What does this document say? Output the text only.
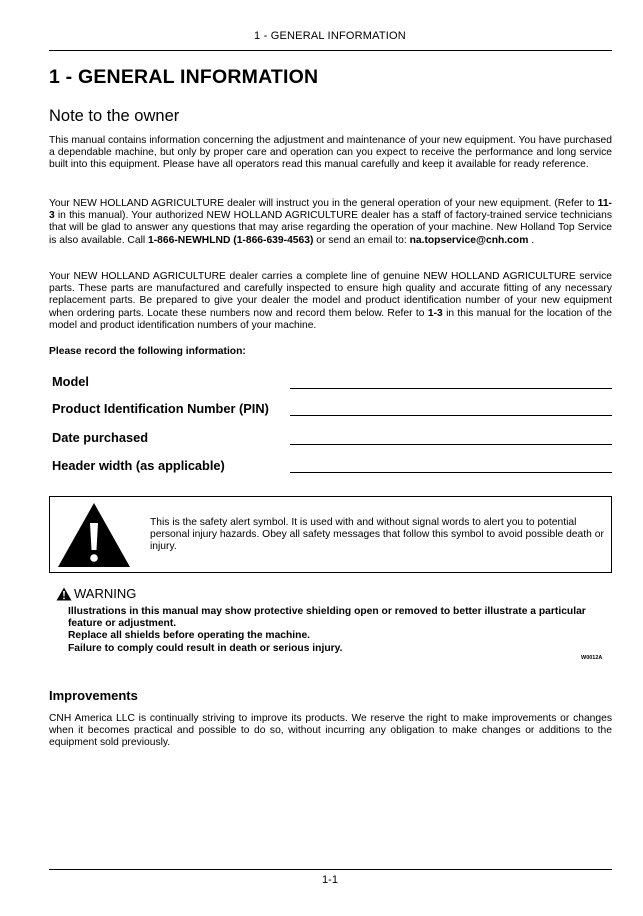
1 - GENERAL INFORMATION
1 - GENERAL INFORMATION
Note to the owner

This manual contains information concerning the adjustment and maintenance of your new equipment. You have purchased a dependable machine, but only by proper care and operation can you expect to receive the performance and long service built into this equipment. Please have all operators read this manual carefully and keep it available for ready reference.

Your NEW HOLLAND AGRICULTURE dealer will instruct you in the general operation of your new equipment. (Refer to 11-3 in this manual). Your authorized NEW HOLLAND AGRICULTURE dealer has a staff of factory-trained service technicians that will be glad to answer any questions that may arise regarding the operation of your machine. New Holland Top Service is also available. Call 1-866-NEWHLND (1-866-639-4563) or send an email to: na.topservice@cnh.com .

Your NEW HOLLAND AGRICULTURE dealer carries a complete line of genuine NEW HOLLAND AGRICULTURE service parts. These parts are manufactured and carefully inspected to ensure high quality and accurate fitting of any necessary replacement parts. Be prepared to give your dealer the model and product identification number of your new equipment when ordering parts. Locate these numbers now and record them below. Refer to 1-3 in this manual for the location of the model and product identification numbers of your machine.

Please record the following information:
Model
Product Identification Number (PIN)
Date purchased
Header width (as applicable)
This is the safety alert symbol. It is used with and without signal words to alert you to potential personal injury hazards. Obey all safety messages that follow this symbol to avoid possible death or injury.
WARNING
Illustrations in this manual may show protective shielding open or removed to better illustrate a particular feature or adjustment.
Replace all shields before operating the machine.
Failure to comply could result in death or serious injury.
W0012A
Improvements

CNH America LLC is continually striving to improve its products. We reserve the right to make improvements or changes when it becomes practical and possible to do so, without incurring any obligation to make changes or additions to the equipment sold previously.

1-1
